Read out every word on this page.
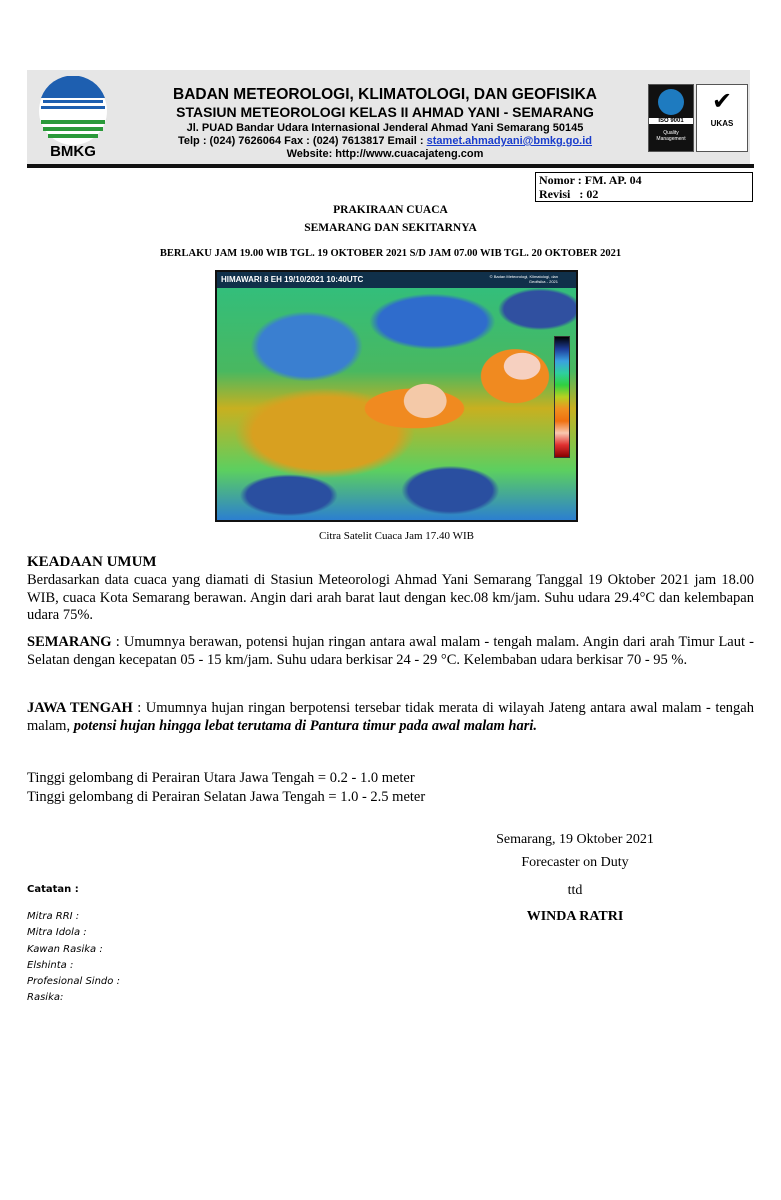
BMKG
BADAN METEOROLOGI, KLIMATOLOGI, DAN GEOFISIKA
STASIUN METEOROLOGI KELAS II AHMAD YANI - SEMARANG
Jl. PUAD Bandar Udara Internasional Jenderal Ahmad Yani Semarang 50145
Telp : (024) 7626064 Fax : (024) 7613817 Email : stamet.ahmadyani@bmkg.go.id
Website: http://www.cuacajateng.com
ISO 9001
Quality Management
✔
UKAS
Nomor : FM. AP. 04
Revisi   : 02
PRAKIRAAN CUACA
SEMARANG DAN SEKITARNYA
BERLAKU JAM 19.00 WIB TGL. 19 OKTOBER 2021 S/D JAM 07.00 WIB TGL. 20 OKTOBER 2021
HIMAWARI 8 EH 19/10/2021 10:40UTC	© Badan Meteorologi, Klimatologi, dan Geofisika - 2021
Citra Satelit Cuaca Jam 17.40 WIB
KEADAAN UMUM
Berdasarkan data cuaca yang diamati di Stasiun Meteorologi Ahmad Yani Semarang Tanggal 19 Oktober 2021 jam 18.00 WIB, cuaca Kota Semarang berawan. Angin dari arah barat laut dengan kec.08 km/jam. Suhu udara 29.4°C dan kelembapan udara 75%.
SEMARANG : Umumnya berawan, potensi hujan ringan antara awal malam - tengah malam. Angin dari arah Timur Laut - Selatan dengan kecepatan 05 - 15 km/jam. Suhu udara berkisar 24 - 29 °C. Kelembaban udara berkisar 70 - 95 %.
JAWA TENGAH : Umumnya hujan ringan berpotensi tersebar tidak merata di wilayah Jateng antara awal malam - tengah malam, potensi hujan hingga lebat terutama di Pantura timur pada awal malam hari.
Tinggi gelombang di Perairan Utara Jawa Tengah = 0.2 - 1.0 meter
Tinggi gelombang di Perairan Selatan Jawa Tengah = 1.0 - 2.5 meter
Semarang, 19 Oktober 2021
Forecaster on Duty
ttd
WINDA RATRI
Catatan :
Mitra RRI :
Mitra Idola :
Kawan Rasika :
Elshinta :
Profesional Sindo :
Rasika:
